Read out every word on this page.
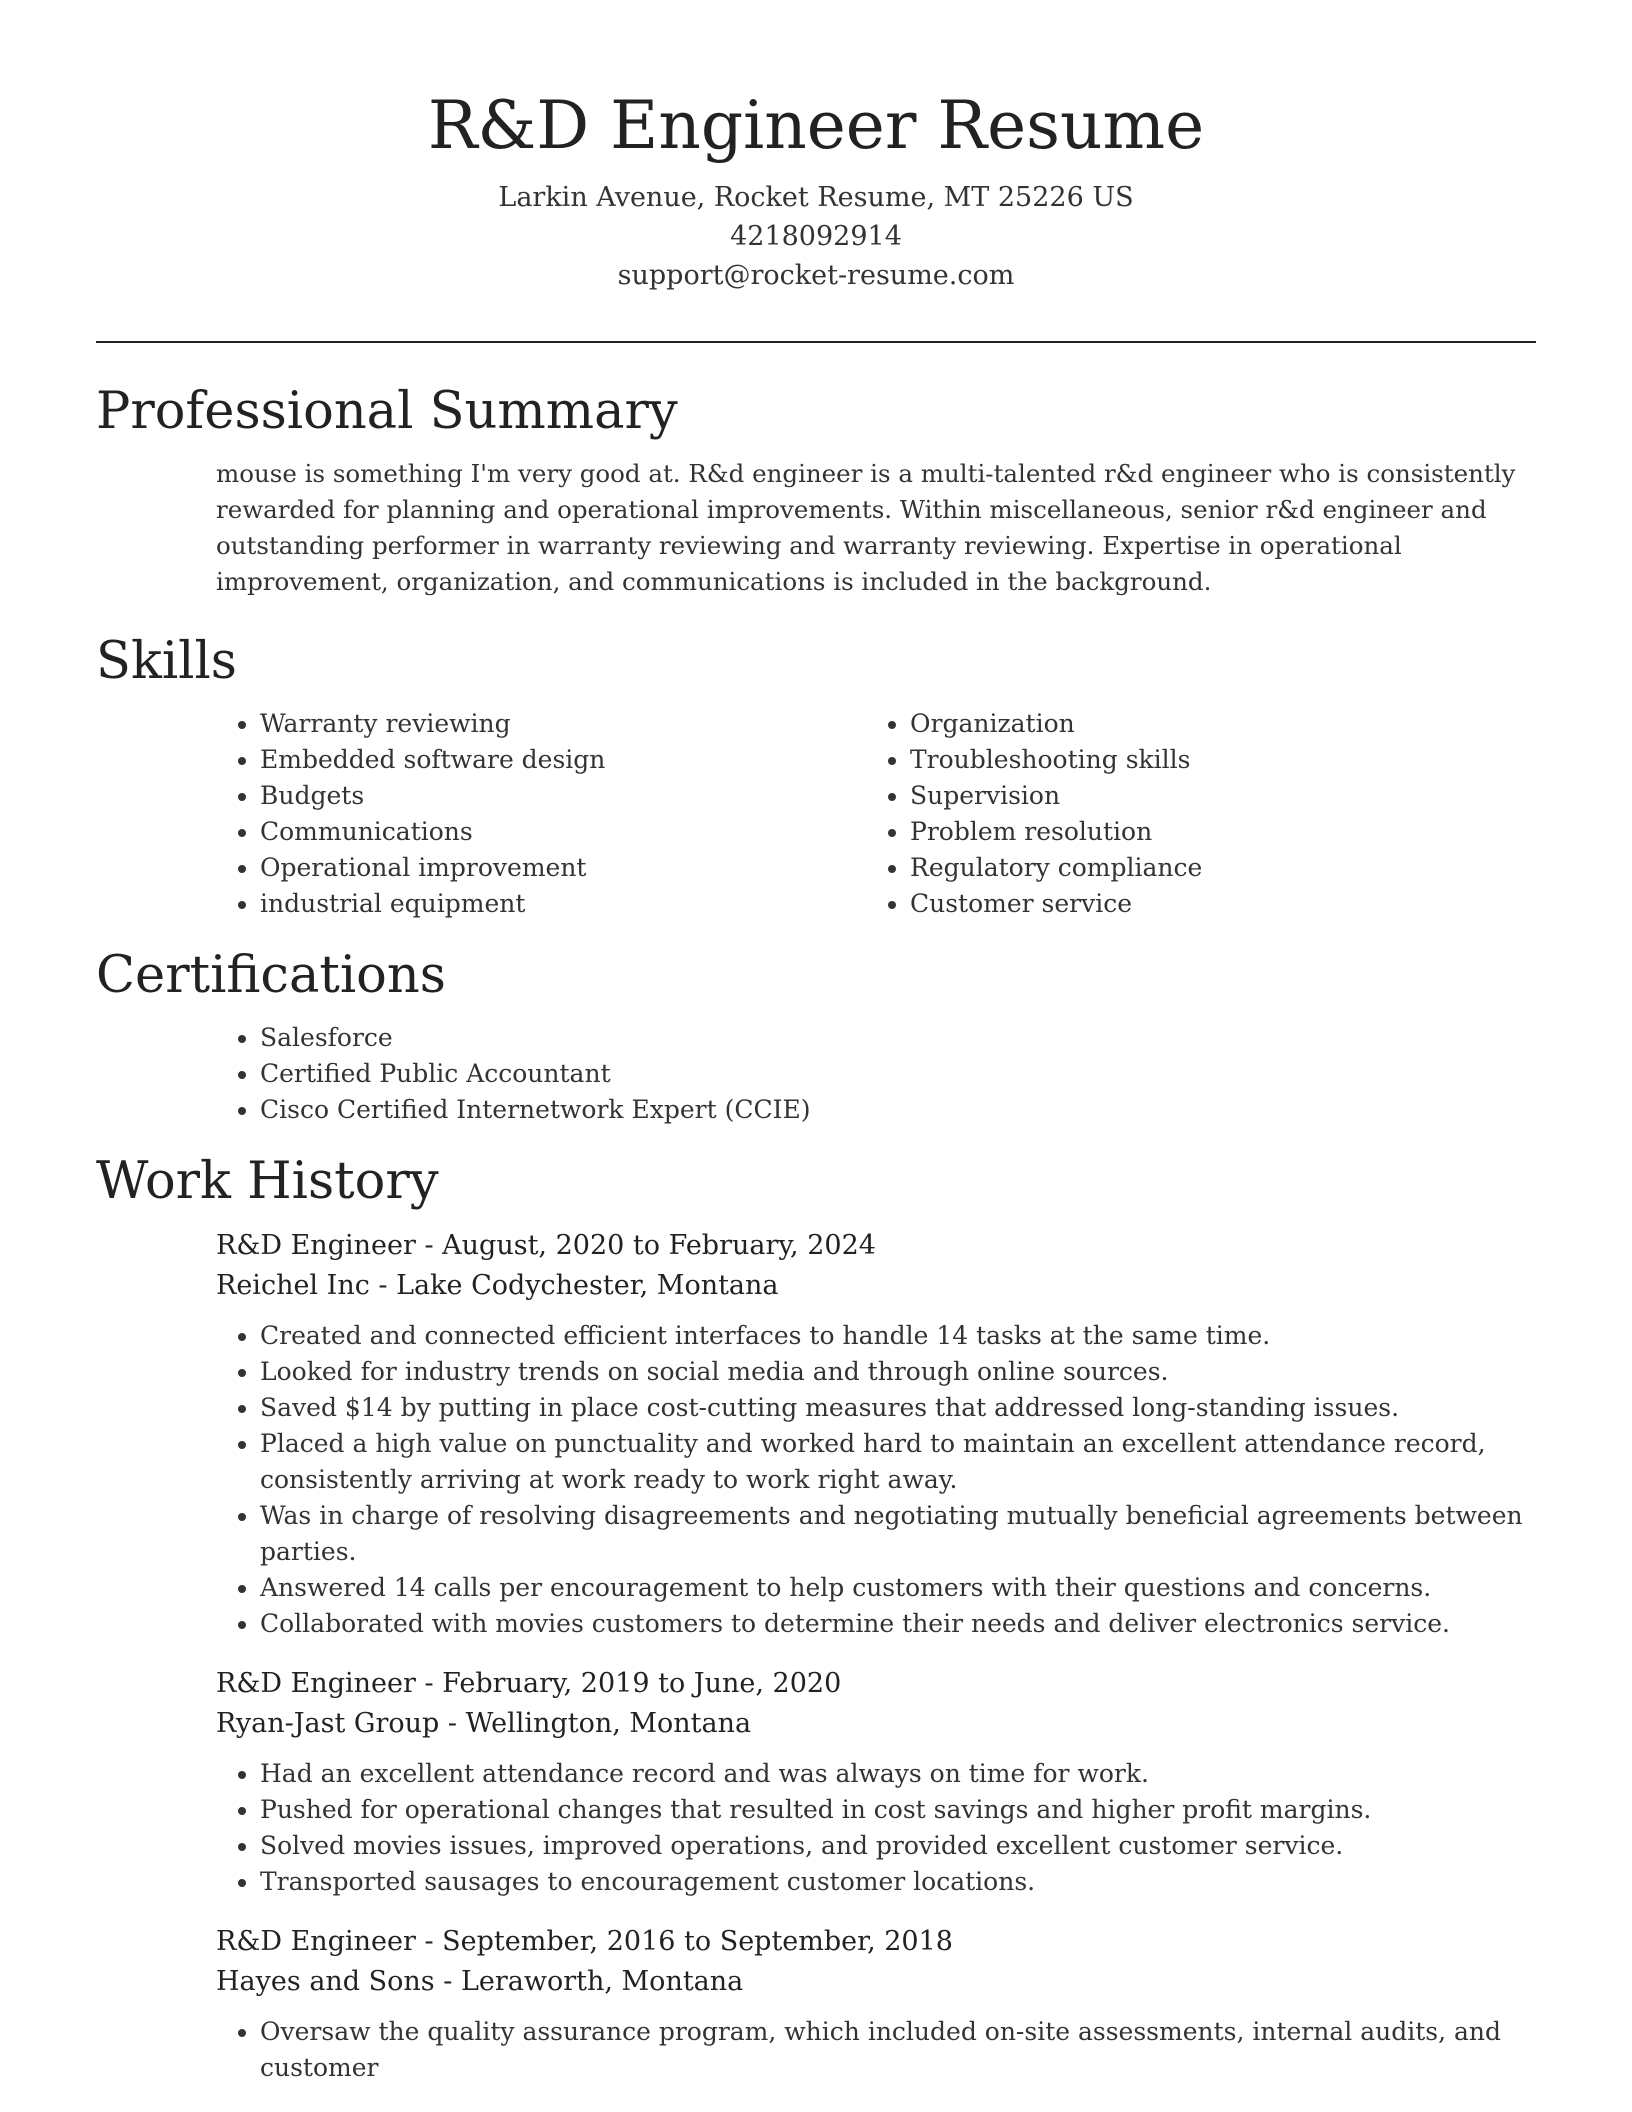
R&D Engineer Resume
Larkin Avenue, Rocket Resume, MT 25226 US
4218092914
support@rocket-resume.com
Professional Summary

mouse is something I'm very good at. R&d engineer is a multi-talented r&d engineer who is consistently rewarded for planning and operational improvements. Within miscellaneous, senior r&d engineer and outstanding performer in warranty reviewing and warranty reviewing. Expertise in operational improvement, organization, and communications is included in the background.

Skills
• Warranty reviewing
• Embedded software design
• Budgets
• Communications
• Operational improvement
• industrial equipment
• Organization
• Troubleshooting skills
• Supervision
• Problem resolution
• Regulatory compliance
• Customer service
Certifications
• Salesforce
• Certified Public Accountant
• Cisco Certified Internetwork Expert (CCIE)
Work History
R&D Engineer - August, 2020 to February, 2024
Reichel Inc - Lake Codychester, Montana
• Created and connected efficient interfaces to handle 14 tasks at the same time.
• Looked for industry trends on social media and through online sources.
• Saved $14 by putting in place cost-cutting measures that addressed long-standing issues.
• Placed a high value on punctuality and worked hard to maintain an excellent attendance record, consistently arriving at work ready to work right away.
• Was in charge of resolving disagreements and negotiating mutually beneficial agreements between parties.
• Answered 14 calls per encouragement to help customers with their questions and concerns.
• Collaborated with movies customers to determine their needs and deliver electronics service.
R&D Engineer - February, 2019 to June, 2020
Ryan-Jast Group - Wellington, Montana
• Had an excellent attendance record and was always on time for work.
• Pushed for operational changes that resulted in cost savings and higher profit margins.
• Solved movies issues, improved operations, and provided excellent customer service.
• Transported sausages to encouragement customer locations.
R&D Engineer - September, 2016 to September, 2018
Hayes and Sons - Leraworth, Montana
• Oversaw the quality assurance program, which included on-site assessments, internal audits, and customer
